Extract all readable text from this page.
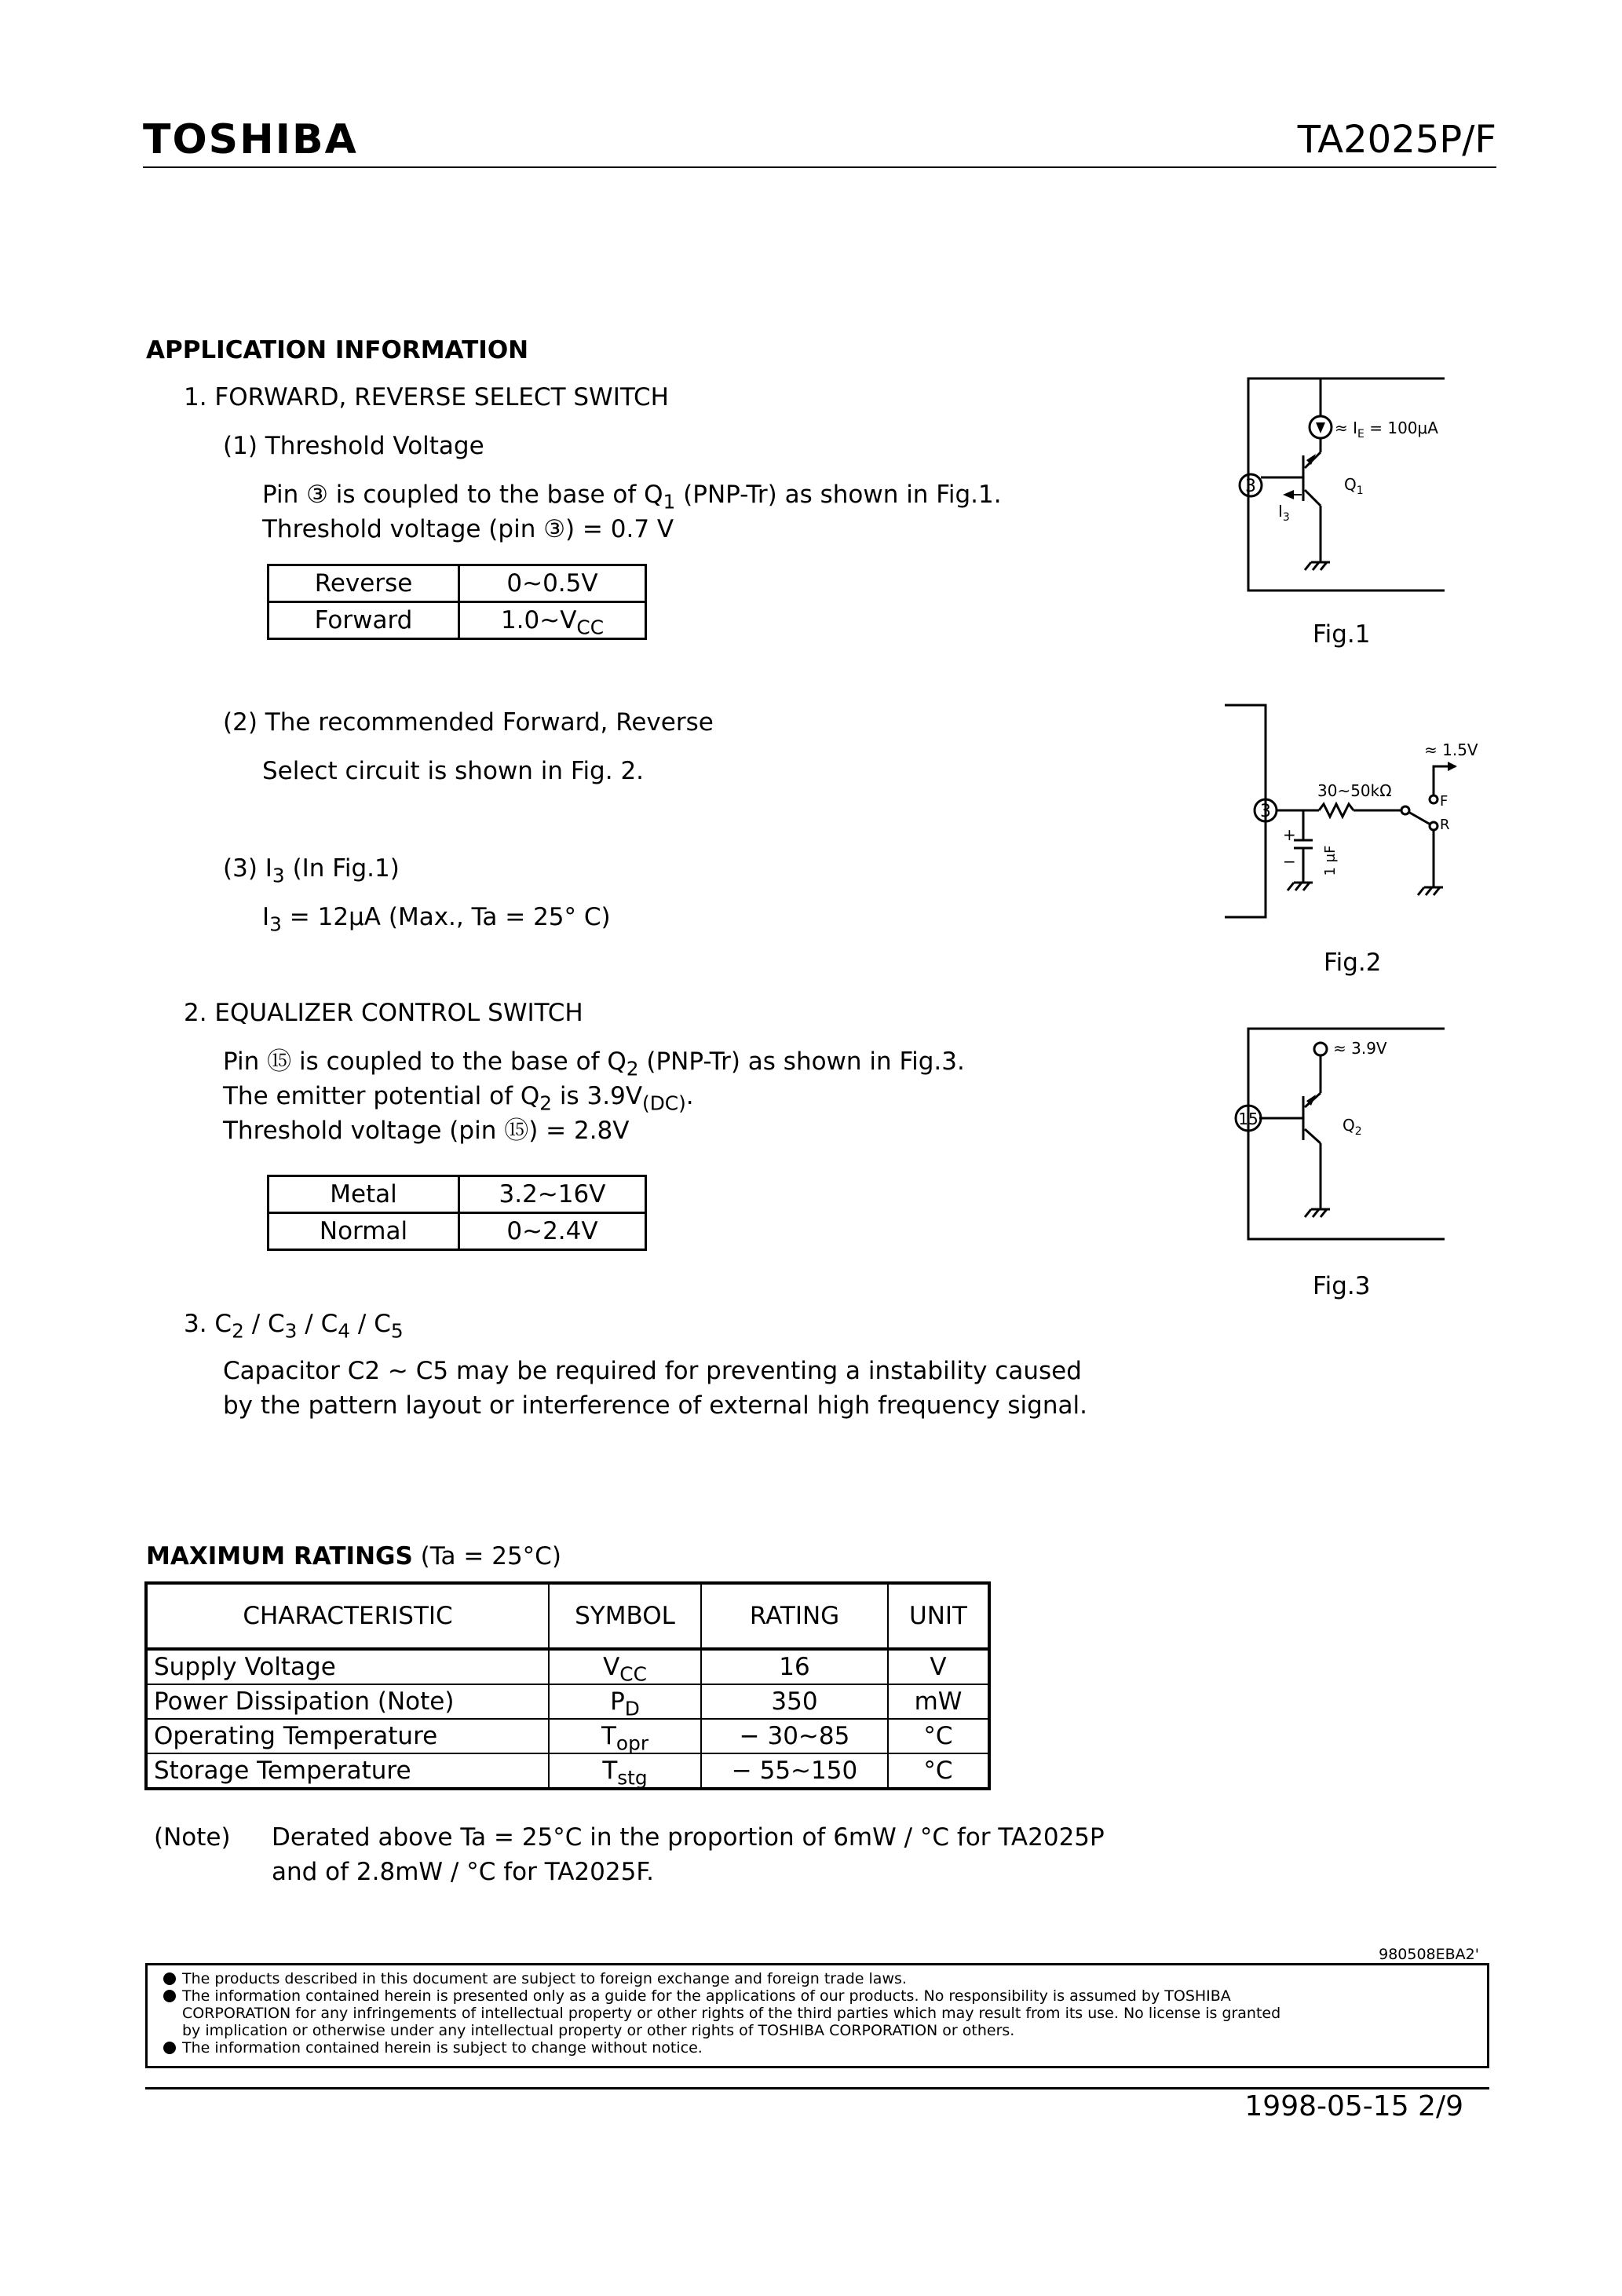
TOSHIBA	TA2025P/F
APPLICATION INFORMATION
1. FORWARD, REVERSE SELECT SWITCH
(1) Threshold Voltage
Pin ③ is coupled to the base of $Q_1$ (PNP-Tr) as shown in Fig.1.
Threshold voltage (pin ③) = 0.7 V
Reverse	0~0.5V
Forward	$1.0\sim V_{CC}$
(2) The recommended Forward, Reverse
Select circuit is shown in Fig. 2.
(3) $I_3$ (In Fig.1)
$I_3 = 12\mu A$ (Max., Ta = 25° C)
2. EQUALIZER CONTROL SWITCH
Pin ⑮ is coupled to the base of $Q_2$ (PNP-Tr) as shown in Fig.3.
The emitter potential of $Q_2$ is $3.9V_{(DC)}$.
Threshold voltage (pin ⑮) = 2.8V
Metal	3.2~16V
Normal	0~2.4V
3. $C_2 / C_3 / C_4 / C_5$
Capacitor C2 ~ C5 may be required for preventing a instability caused
by the pattern layout or interference of external high frequency signal.
3
≈ $I_E = 100\mu A$
$Q_1$
$I_3$
Fig.1
3
≈ 1.5V
30~50kΩ
F
R
+
− 1 μF
Fig.2
15
≈ 3.9V
$Q_2$
Fig.3
MAXIMUM RATINGS (Ta = 25°C)
CHARACTERISTIC	SYMBOL	RATING	UNIT
Supply Voltage	$V_{CC}$	16	V
Power Dissipation (Note)	$P_D$	350	mW
Operating Temperature	$T_{opr}$	− 30~85	°C
Storage Temperature	$T_{stg}$	− 55~150	°C
(Note) Derated above Ta = 25°C in the proportion of 6mW / °C for TA2025P
and of 2.8mW / °C for TA2025F.
980508EBA2'
The products described in this document are subject to foreign exchange and foreign trade laws.
The information contained herein is presented only as a guide for the applications of our products. No responsibility is assumed by TOSHIBA
CORPORATION for any infringements of intellectual property or other rights of the third parties which may result from its use. No license is granted
by implication or otherwise under any intellectual property or other rights of TOSHIBA CORPORATION or others.
The information contained herein is subject to change without notice.
1998-05-15 2/9
